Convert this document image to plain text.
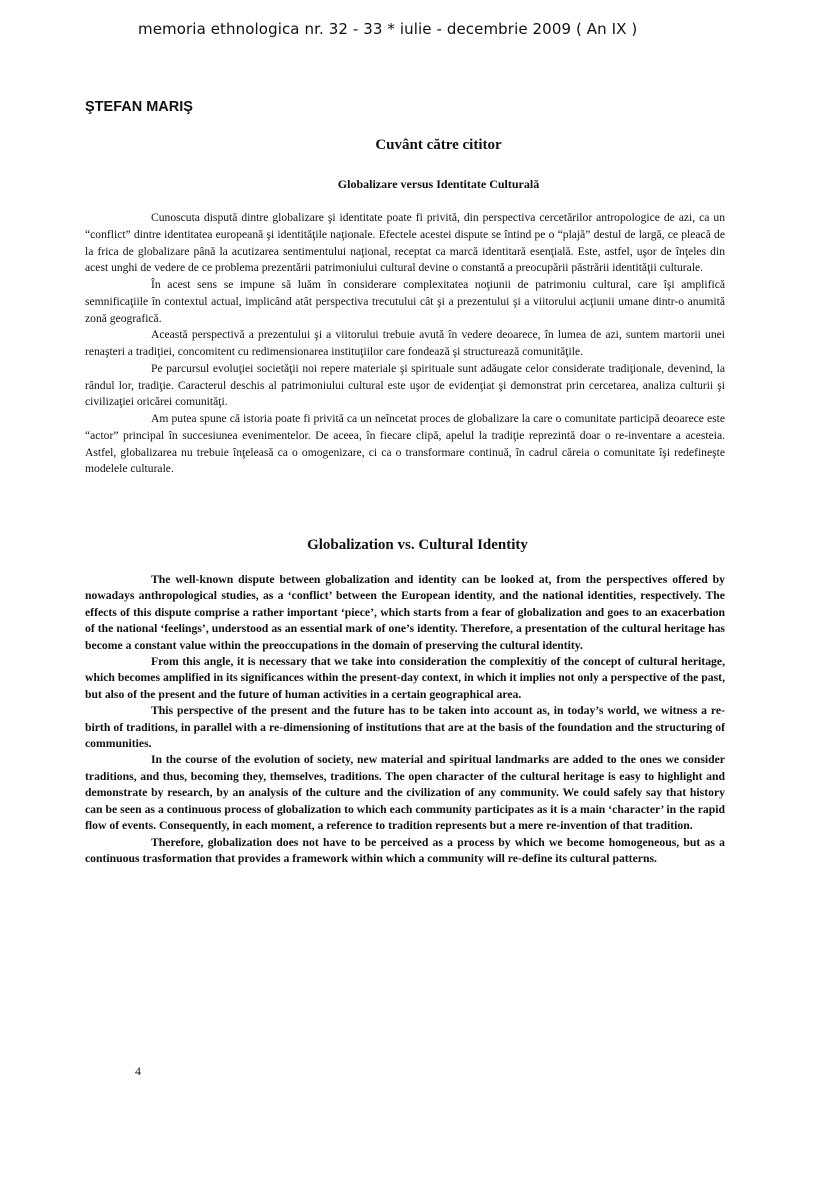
memoria ethnologica nr. 32 - 33 * iulie - decembrie 2009 ( An IX )
ŞTEFAN MARIŞ
Cuvânt către cititor
Globalizare versus Identitate Culturală

Cunoscuta dispută dintre globalizare şi identitate poate fi privită, din perspectiva cercetărilor antropologice de azi, ca un “conflict” dintre identitatea europeană şi identităţile naţionale. Efectele acestei dispute se întind pe o “plajă” destul de largă, ce pleacă de la frica de globalizare până la acutizarea sentimentului naţional, receptat ca marcă identitară esenţială. Este, astfel, uşor de înţeles din acest unghi de vedere de ce problema prezentării patrimoniului cultural devine o constantă a preocupării păstrării identităţii culturale.

În acest sens se impune să luăm în considerare complexitatea noţiunii de patrimoniu cultural, care îşi amplifică semnificaţiile în contextul actual, implicând atât perspectiva trecutului cât şi a prezentului şi a viitorului acţiunii umane dintr-o anumită zonă geografică.

Această perspectivă a prezentului şi a viitorului trebuie avută în vedere deoarece, în lumea de azi, suntem martorii unei renaşteri a tradiţiei, concomitent cu redimensionarea instituţiilor care fondează şi structurează comunităţile.

Pe parcursul evoluţiei societăţii noi repere materiale şi spirituale sunt adăugate celor considerate tradiţionale, devenind, la rândul lor, tradiţie. Caracterul deschis al patrimoniului cultural este uşor de evidenţiat şi demonstrat prin cercetarea, analiza culturii şi civilizaţiei oricărei comunităţi.

Am putea spune că istoria poate fi privită ca un neîncetat proces de globalizare la care o comunitate participă deoarece este “actor” principal în succesiunea evenimentelor. De aceea, în fiecare clipă, apelul la tradiţie reprezintă doar o re-inventare a acesteia. Astfel, globalizarea nu trebuie înţeleasă ca o omogenizare, ci ca o transformare continuă, în cadrul căreia o comunitate îşi redefineşte modelele culturale.

Globalization vs. Cultural Identity

The well-known dispute between globalization and identity can be looked at, from the perspectives offered by nowadays anthropological studies, as a ‘conflict’ between the European identity, and the national identities, respectively. The effects of this dispute comprise a rather important ‘piece’, which starts from a fear of globalization and goes to an exacerbation of the national ‘feelings’, understood as an essential mark of one’s identity. Therefore, a presentation of the cultural heritage has become a constant value within the preoccupations in the domain of preserving the cultural identity.

From this angle, it is necessary that we take into consideration the complexitiy of the concept of cultural heritage, which becomes amplified in its significances within the present-day context, in which it implies not only a perspective of the past, but also of the present and the future of human activities in a certain geographical area.

This perspective of the present and the future has to be taken into account as, in today’s world, we witness a re-birth of traditions, in parallel with a re-dimensioning of institutions that are at the basis of the foundation and the structuring of communities.

In the course of the evolution of society, new material and spiritual landmarks are added to the ones we consider traditions, and thus, becoming they, themselves, traditions. The open character of the cultural heritage is easy to highlight and demonstrate by research, by an analysis of the culture and the civilization of any community. We could safely say that history can be seen as a continuous process of globalization to which each community participates as it is a main ‘character’ in the rapid flow of events. Consequently, in each moment, a reference to tradition represents but a mere re-invention of that tradition.

Therefore, globalization does not have to be perceived as a process by which we become homogeneous, but as a continuous trasformation that provides a framework within which a community will re-define its cultural patterns.

4
